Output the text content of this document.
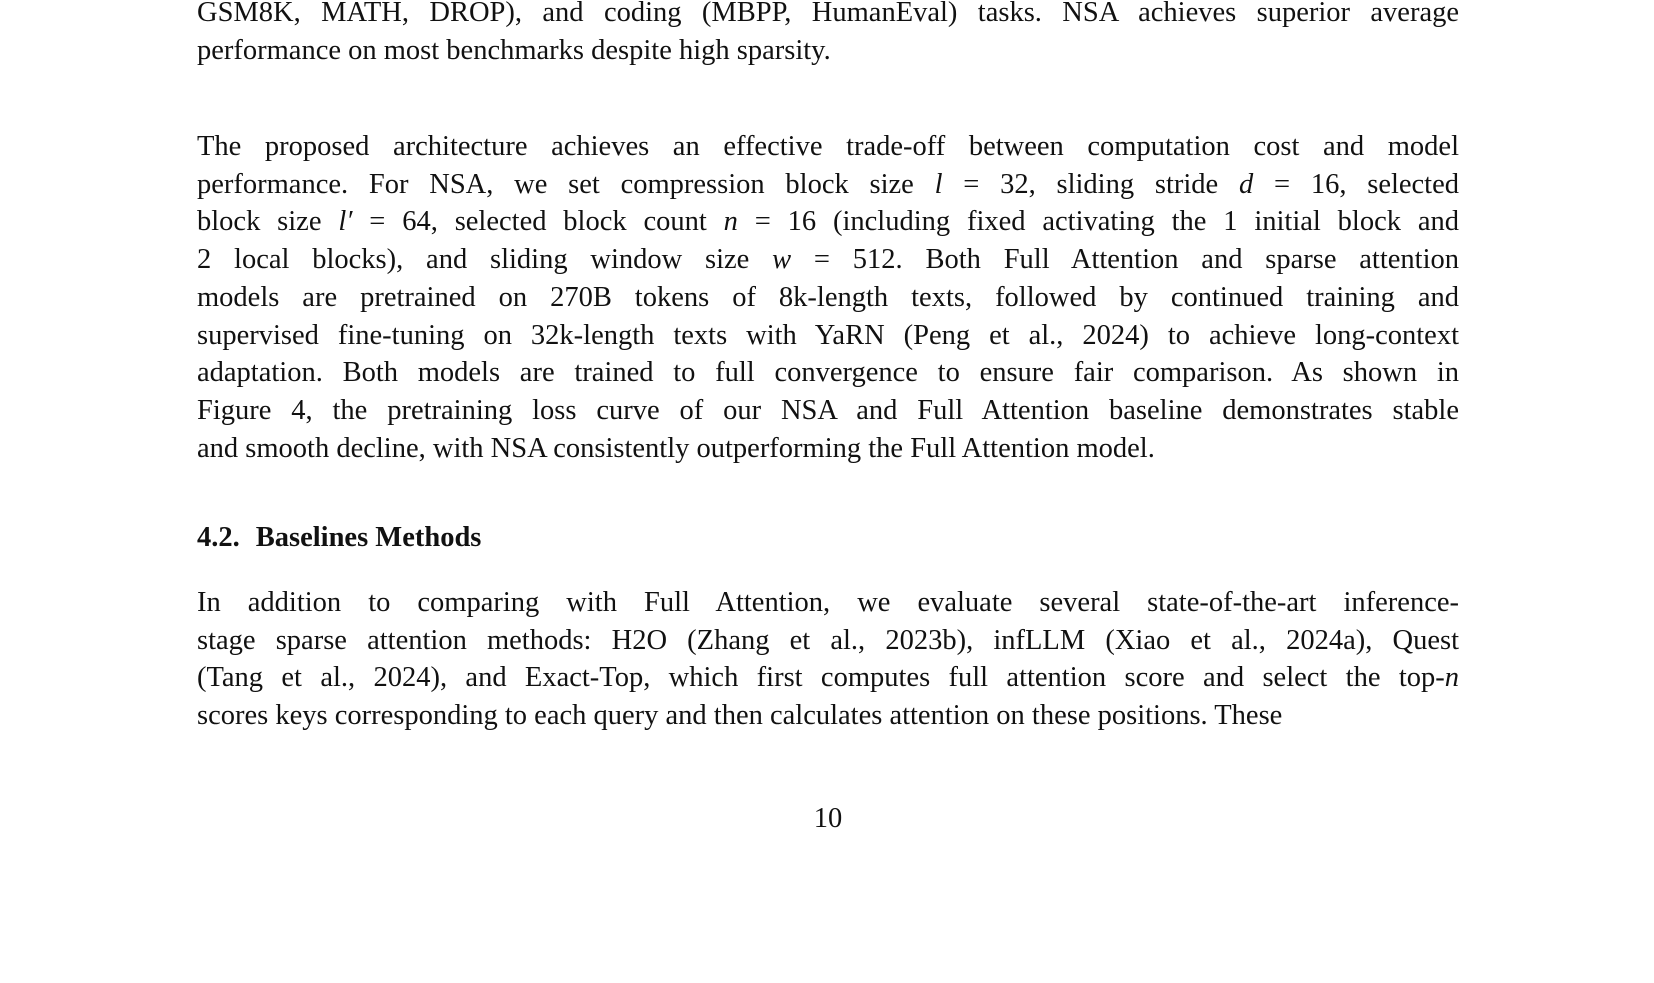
GSM8K, MATH, DROP), and coding (MBPP, HumanEval) tasks. NSA achieves superior average
performance on most benchmarks despite high sparsity.
The proposed architecture achieves an effective trade-off between computation cost and model
performance. For NSA, we set compression block size l = 32, sliding stride d = 16, selected
block size l′ = 64, selected block count n = 16 (including fixed activating the 1 initial block and
2 local blocks), and sliding window size w = 512. Both Full Attention and sparse attention
models are pretrained on 270B tokens of 8k-length texts, followed by continued training and
supervised fine-tuning on 32k-length texts with YaRN (Peng et al., 2024) to achieve long-context
adaptation. Both models are trained to full convergence to ensure fair comparison. As shown in
Figure 4, the pretraining loss curve of our NSA and Full Attention baseline demonstrates stable
and smooth decline, with NSA consistently outperforming the Full Attention model.
4.2. Baselines Methods
In addition to comparing with Full Attention, we evaluate several state-of-the-art inference-
stage sparse attention methods: H2O (Zhang et al., 2023b), infLLM (Xiao et al., 2024a), Quest
(Tang et al., 2024), and Exact-Top, which first computes full attention score and select the top-n
scores keys corresponding to each query and then calculates attention on these positions. These
10
